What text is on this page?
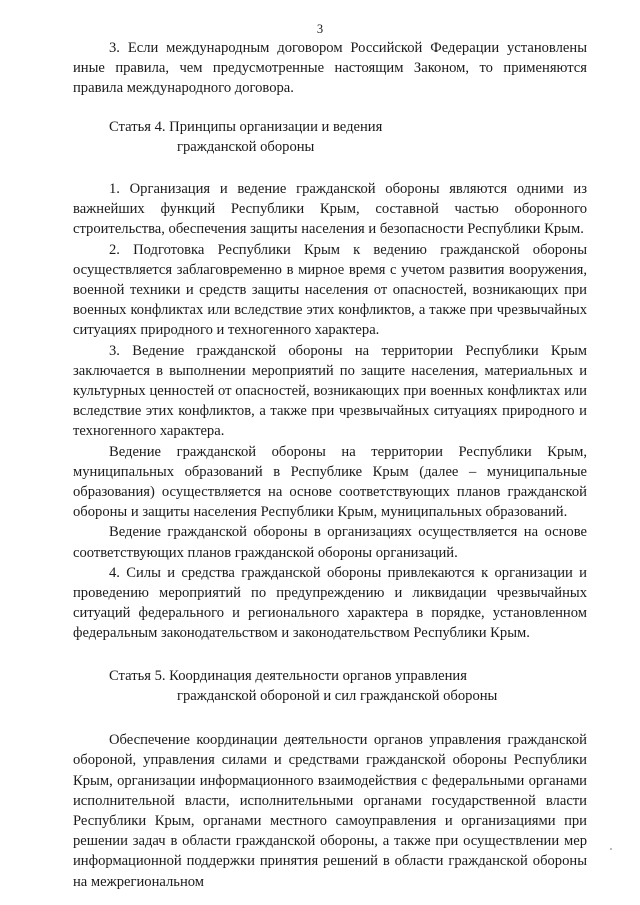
3

3. Если международным договором Российской Федерации установлены иные правила, чем предусмотренные настоящим Законом, то применяются правила международного договора.

Статья 4. Принципы организации и ведения
гражданской обороны

1. Организация и ведение гражданской обороны являются одними из важнейших функций Республики Крым, составной частью оборонного строительства, обеспечения защиты населения и безопасности Республики Крым.

2. Подготовка Республики Крым к ведению гражданской обороны осуществляется заблаговременно в мирное время с учетом развития вооружения, военной техники и средств защиты населения от опасностей, возникающих при военных конфликтах или вследствие этих конфликтов, а также при чрезвычайных ситуациях природного и техногенного характера.

3. Ведение гражданской обороны на территории Республики Крым заключается в выполнении мероприятий по защите населения, материальных и культурных ценностей от опасностей, возникающих при военных конфликтах или вследствие этих конфликтов, а также при чрезвычайных ситуациях природного и техногенного характера.

Ведение гражданской обороны на территории Республики Крым, муниципальных образований в Республике Крым (далее – муниципальные образования) осуществляется на основе соответствующих планов гражданской обороны и защиты населения Республики Крым, муниципальных образований.

Ведение гражданской обороны в организациях осуществляется на основе соответствующих планов гражданской обороны организаций.

4. Силы и средства гражданской обороны привлекаются к организации и проведению мероприятий по предупреждению и ликвидации чрезвычайных ситуаций федерального и регионального характера в порядке, установленном федеральным законодательством и законодательством Республики Крым.

Статья 5. Координация деятельности органов управления
гражданской обороной и сил гражданской обороны

Обеспечение координации деятельности органов управления гражданской обороной, управления силами и средствами гражданской обороны Республики Крым, организации информационного взаимодействия с федеральными органами исполнительной власти, исполнительными органами государственной власти Республики Крым, органами местного самоуправления и организациями при решении задач в области гражданской обороны, а также при осуществлении мер информационной поддержки принятия решений в области гражданской обороны на межрегиональном
